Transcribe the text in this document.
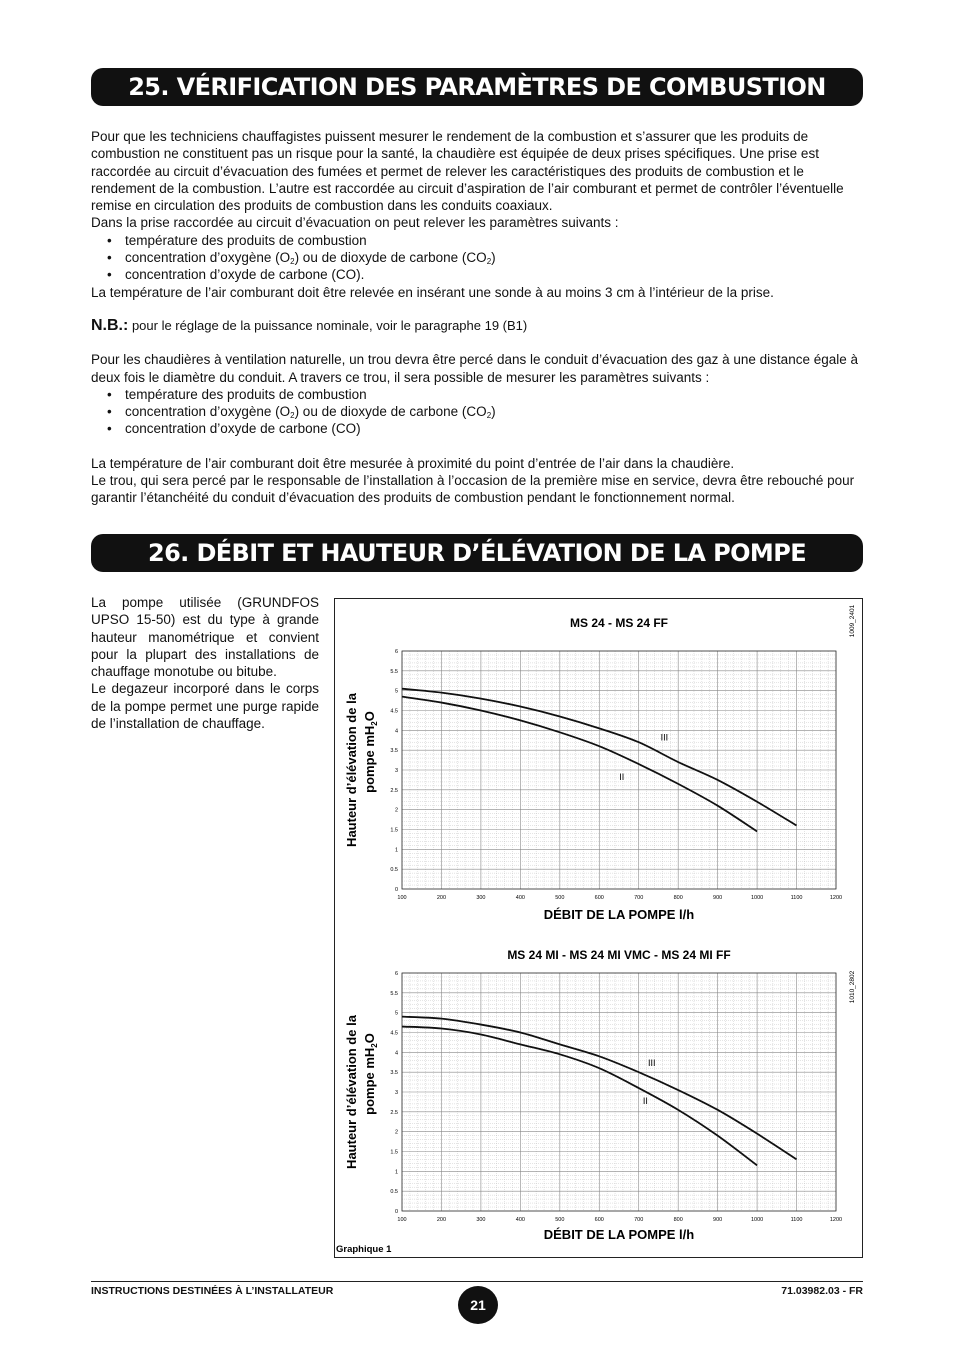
25. VÉRIFICATION DES PARAMÈTRES DE COMBUSTION

Pour que les techniciens chauffagistes puissent mesurer le rendement de la combustion et s’assurer que les produits de combustion ne constituent pas un risque pour la santé, la chaudière est équipée de deux prises spécifiques. Une prise est raccordée au circuit d’évacuation des fumées et permet de relever les caractéristiques des produits de combustion et le rendement de la combustion. L’autre est raccordée au circuit d’aspiration de l’air comburant et permet de contrôler l’éventuelle remise en circulation des produits de combustion dans les conduits coaxiaux.

Dans la prise raccordée au circuit d’évacuation on peut relever les paramètres suivants :

• température des produits de combustion
• concentration d’oxygène $(O_2)$ ou de dioxyde de carbone $(CO_2)$
• concentration d’oxyde de carbone (CO).

La température de l’air comburant doit être relevée en insérant une sonde à au moins 3 cm à l’intérieur de la prise.

N.B.: pour le réglage de la puissance nominale, voir le paragraphe 19 (B1)

Pour les chaudières à ventilation naturelle, un trou devra être percé dans le conduit d’évacuation des gaz à une distance égale à deux fois le diamètre du conduit. A travers ce trou, il sera possible de mesurer les paramètres suivants :

• température des produits de combustion
• concentration d’oxygène $(O_2)$ ou de dioxyde de carbone $(CO_2)$
• concentration d’oxyde de carbone (CO)

La température de l’air comburant doit être mesurée à proximité du point d’entrée de l’air dans la chaudière.

Le trou, qui sera percé par le responsable de l’installation à l’occasion de la première mise en service, devra être rebouché pour garantir l’étanchéité du conduit d’évacuation des produits de combustion pendant le fonctionnement normal.

26. DÉBIT ET HAUTEUR D’ÉLÉVATION DE LA POMPE

La pompe utilisée (GRUNDFOS UPSO 15-50) est du type à grande hauteur manométrique et convient pour la plupart des installations de chauffage monotube ou bitube.

Le degazeur incorporé dans le corps de la pompe permet une purge rapide de l’installation de chauffage.

MS 24 - MS 24 FF	1009_2401
0
0.5
1
1.5
2
2.5
3
3.5
4
4.5
5
5.5
6
100	200	300	400	500	600	700	800	900	1000	1100	1200
DÉBIT DE LA POMPE l/h
Hauteur d’élévation de la pompe $mH_2O$
III
II
MS 24 MI - MS 24 MI VMC - MS 24 MI FF
1010_2802
0
0.5
1
1.5
2
2.5
3
3.5
4
4.5
5
5.5
6
100	200	300	400	500	600	700	800	900	1000	1100	1200
DÉBIT DE LA POMPE l/h
Hauteur d’élévation de la pompe $mH_2O$
III
II
Graphique 1
INSTRUCTIONS DESTINÉES À L’INSTALLATEUR
21
71.03982.03 - FR
